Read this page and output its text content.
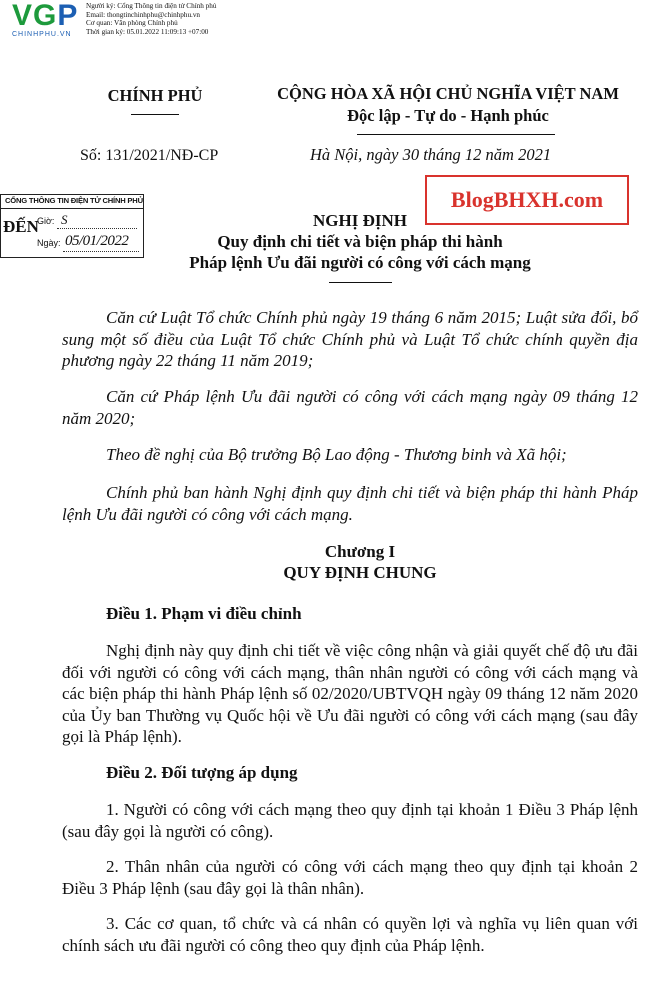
VGP
CHINHPHU.VN
Người ký: Cổng Thông tin điện tử Chính phủ
Email: thongtinchinhphu@chinhphu.vn
Cơ quan: Văn phòng Chính phủ
Thời gian ký: 05.01.2022 11:09:13 +07:00
CHÍNH PHỦ	CỘNG HÒA XÃ HỘI CHỦ NGHĨA VIỆT NAM
Độc lập - Tự do - Hạnh phúc
Số: 131/2021/NĐ-CP	Hà Nội, ngày 30 tháng 12 năm 2021
CỔNG THÔNG TIN ĐIỆN TỬ CHÍNH PHỦ
ĐẾN
Giờ: S
Ngày: 05/01/2022
BlogBHXH.com
NGHỊ ĐỊNH
Quy định chi tiết và biện pháp thi hành
Pháp lệnh Ưu đãi người có công với cách mạng
Căn cứ Luật Tổ chức Chính phủ ngày 19 tháng 6 năm 2015; Luật sửa đổi, bổ sung một số điều của Luật Tổ chức Chính phủ và Luật Tổ chức chính quyền địa phương ngày 22 tháng 11 năm 2019;
Căn cứ Pháp lệnh Ưu đãi người có công với cách mạng ngày 09 tháng 12 năm 2020;
Theo đề nghị của Bộ trưởng Bộ Lao động - Thương binh và Xã hội;
Chính phủ ban hành Nghị định quy định chi tiết và biện pháp thi hành Pháp lệnh Ưu đãi người có công với cách mạng.
Chương I
QUY ĐỊNH CHUNG
Điều 1. Phạm vi điều chỉnh
Nghị định này quy định chi tiết về việc công nhận và giải quyết chế độ ưu đãi đối với người có công với cách mạng, thân nhân người có công với cách mạng và các biện pháp thi hành Pháp lệnh số 02/2020/UBTVQH ngày 09 tháng 12 năm 2020 của Ủy ban Thường vụ Quốc hội về Ưu đãi người có công với cách mạng (sau đây gọi là Pháp lệnh).
Điều 2. Đối tượng áp dụng
1. Người có công với cách mạng theo quy định tại khoản 1 Điều 3 Pháp lệnh (sau đây gọi là người có công).
2. Thân nhân của người có công với cách mạng theo quy định tại khoản 2 Điều 3 Pháp lệnh (sau đây gọi là thân nhân).
3. Các cơ quan, tổ chức và cá nhân có quyền lợi và nghĩa vụ liên quan với chính sách ưu đãi người có công theo quy định của Pháp lệnh.
